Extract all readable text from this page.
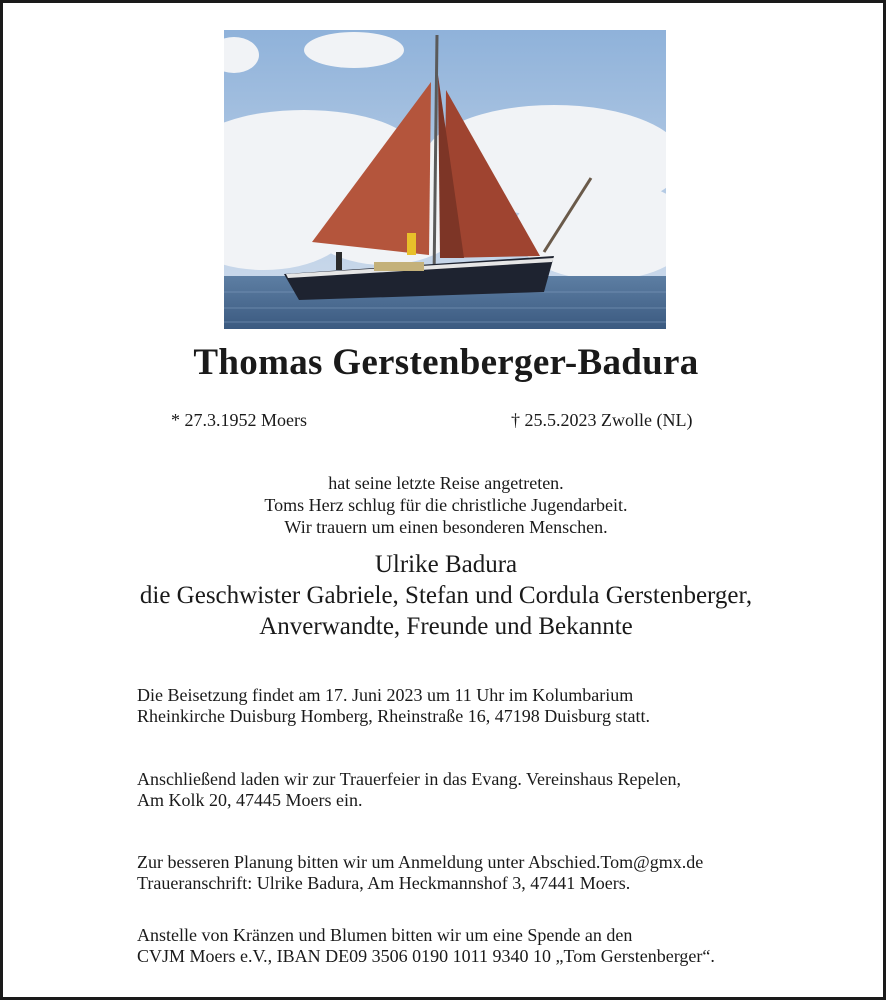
Thomas Gerstenberger-Badura
* 27.3.1952 Moers	† 25.5.2023 Zwolle (NL)
hat seine letzte Reise angetreten.
Toms Herz schlug für die christliche Jugendarbeit.
Wir trauern um einen besonderen Menschen.
Ulrike Badura
die Geschwister Gabriele, Stefan und Cordula Gerstenberger,
Anverwandte, Freunde und Bekannte
Die Beisetzung findet am 17. Juni 2023 um 11 Uhr im Kolumbarium
Rheinkirche Duisburg Homberg, Rheinstraße 16, 47198 Duisburg statt.
Anschließend laden wir zur Trauerfeier in das Evang. Vereinshaus Repelen,
Am Kolk 20, 47445 Moers ein.
Zur besseren Planung bitten wir um Anmeldung unter Abschied.Tom@gmx.de
Traueranschrift: Ulrike Badura, Am Heckmannshof 3, 47441 Moers.
Anstelle von Kränzen und Blumen bitten wir um eine Spende an den
CVJM Moers e.V., IBAN DE09 3506 0190 1011 9340 10 „Tom Gerstenberger“.
